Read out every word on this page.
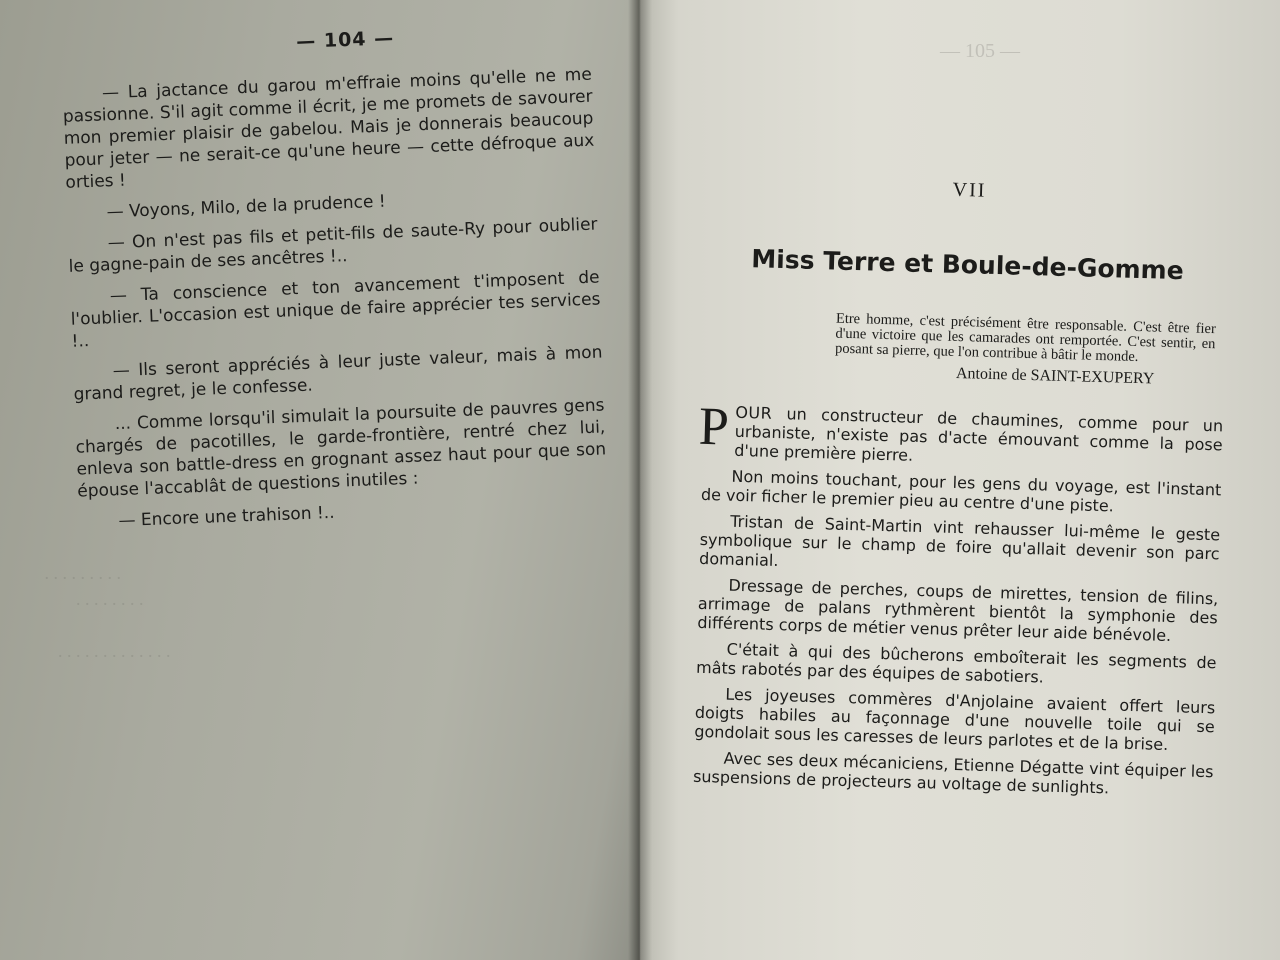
. . . . . . . . .
. . . . . . . .

. . . . . . . . . . . . .
— 104 —

— La jactance du garou m'effraie moins qu'elle ne me passionne. S'il agit comme il écrit, je me promets de savourer mon premier plaisir de gabelou. Mais je donnerais beaucoup pour jeter — ne serait-ce qu'une heure — cette défroque aux orties !

— Voyons, Milo, de la prudence !

— On n'est pas fils et petit-fils de saute-Ry pour oublier le gagne-pain de ses ancêtres !..

— Ta conscience et ton avancement t'imposent de l'oublier. L'occasion est unique de faire apprécier tes services !..

— Ils seront appréciés à leur juste valeur, mais à mon grand regret, je le confesse.

... Comme lorsqu'il simulait la poursuite de pauvres gens chargés de pacotilles, le garde-frontière, rentré chez lui, enleva son battle-dress en grognant assez haut pour que son épouse l'accablât de questions inutiles :

— Encore une trahison !..

— 105 —
VII
Miss Terre et Boule-de-Gomme
Etre homme, c'est précisément être responsable. C'est être fier d'une victoire que les camarades ont remportée. C'est sentir, en posant sa pierre, que l'on contribue à bâtir le monde.
Antoine de SAINT-EXUPERY

POUR un constructeur de chaumines, comme pour un urbaniste, n'existe pas d'acte émouvant comme la pose d'une première pierre.

Non moins touchant, pour les gens du voyage, est l'instant de voir ficher le premier pieu au centre d'une piste.

Tristan de Saint-Martin vint rehausser lui-même le geste symbolique sur le champ de foire qu'allait devenir son parc domanial.

Dressage de perches, coups de mirettes, tension de filins, arrimage de palans rythmèrent bientôt la symphonie des différents corps de métier venus prêter leur aide bénévole.

C'était à qui des bûcherons emboîterait les segments de mâts rabotés par des équipes de sabotiers.

Les joyeuses commères d'Anjolaine avaient offert leurs doigts habiles au façonnage d'une nouvelle toile qui se gondolait sous les caresses de leurs parlotes et de la brise.

Avec ses deux mécaniciens, Etienne Dégatte vint équiper les suspensions de projecteurs au voltage de sunlights.
